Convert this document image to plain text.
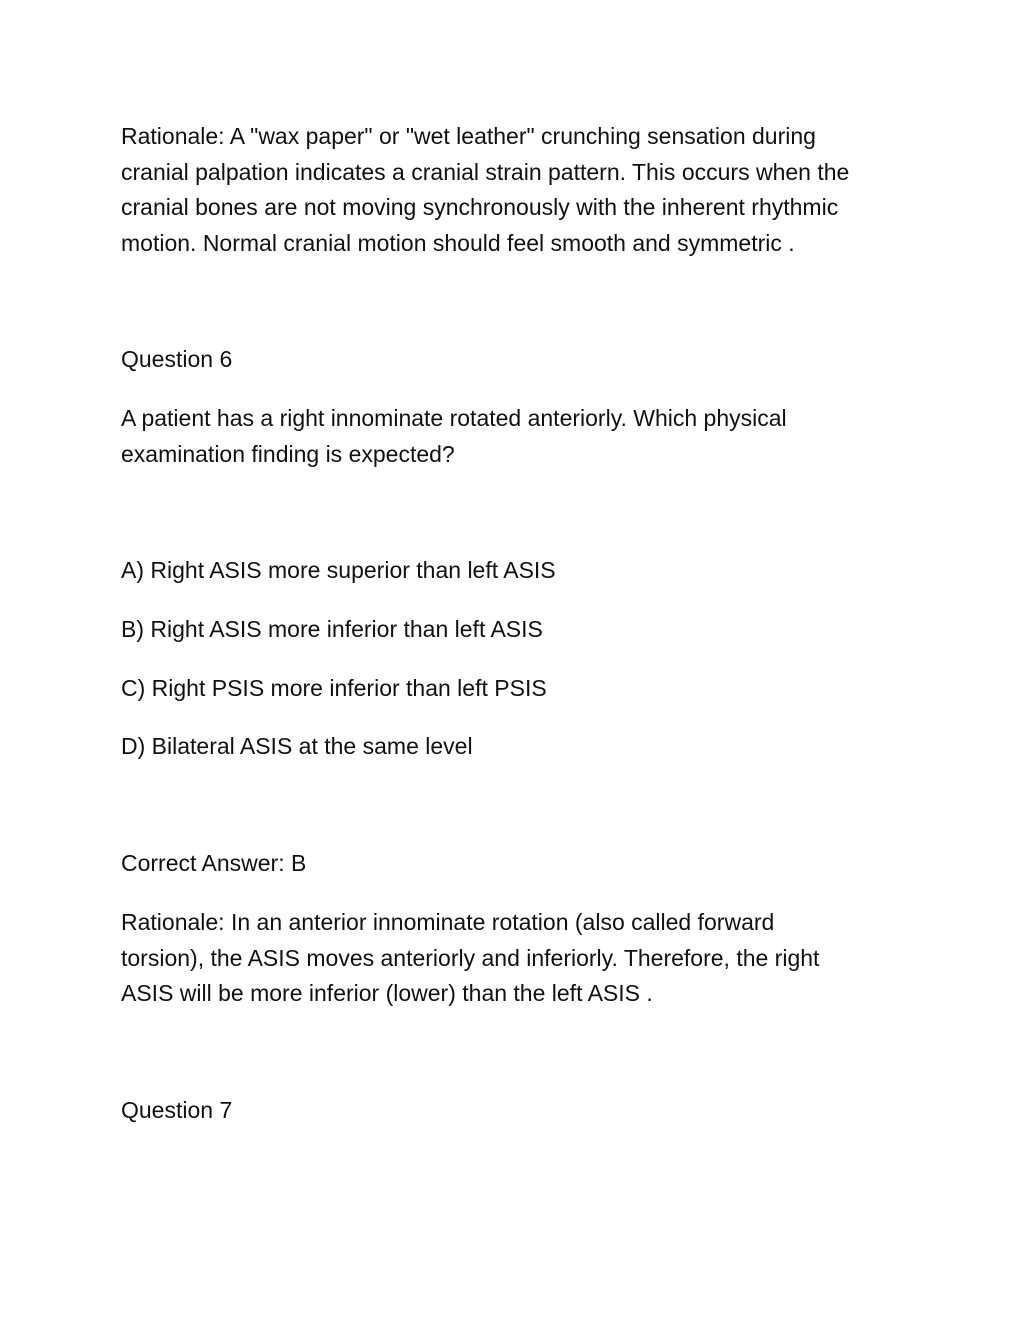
Rationale: A "wax paper" or "wet leather" crunching sensation during
cranial palpation indicates a cranial strain pattern. This occurs when the
cranial bones are not moving synchronously with the inherent rhythmic
motion. Normal cranial motion should feel smooth and symmetric .
Question 6
A patient has a right innominate rotated anteriorly. Which physical
examination finding is expected?
A) Right ASIS more superior than left ASIS
B) Right ASIS more inferior than left ASIS
C) Right PSIS more inferior than left PSIS
D) Bilateral ASIS at the same level
Correct Answer: B
Rationale: In an anterior innominate rotation (also called forward
torsion), the ASIS moves anteriorly and inferiorly. Therefore, the right
ASIS will be more inferior (lower) than the left ASIS .
Question 7
